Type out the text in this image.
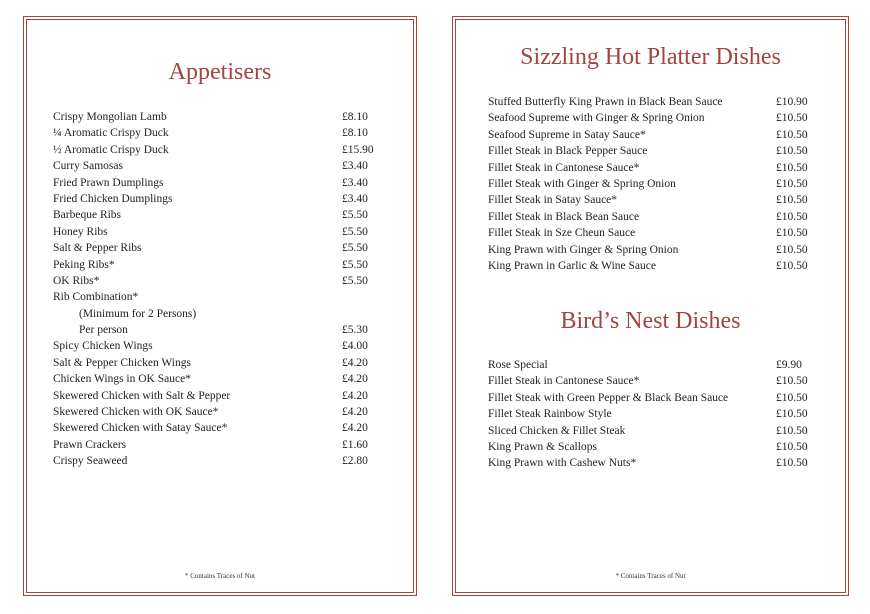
Appetisers
Crispy Mongolian Lamb	£8.10
¼ Aromatic Crispy Duck	£8.10
½ Aromatic Crispy Duck	£15.90
Curry Samosas	£3.40
Fried Prawn Dumplings	£3.40
Fried Chicken Dumplings	£3.40
Barbeque Ribs	£5.50
Honey Ribs	£5.50
Salt & Pepper Ribs	£5.50
Peking Ribs*	£5.50
OK Ribs*	£5.50
Rib Combination*
(Minimum for 2 Persons)
Per person	£5.30
Spicy Chicken Wings	£4.00
Salt & Pepper Chicken Wings	£4.20
Chicken Wings in OK Sauce*	£4.20
Skewered Chicken with Salt & Pepper	£4.20
Skewered Chicken with OK Sauce*	£4.20
Skewered Chicken with Satay Sauce*	£4.20
Prawn Crackers	£1.60
Crispy Seaweed	£2.80
* Contains Traces of Nut
Sizzling Hot Platter Dishes
Stuffed Butterfly King Prawn in Black Bean Sauce	£10.90
Seafood Supreme with Ginger & Spring Onion	£10.50
Seafood Supreme in Satay Sauce*	£10.50
Fillet Steak in Black Pepper Sauce	£10.50
Fillet Steak in Cantonese Sauce*	£10.50
Fillet Steak with Ginger & Spring Onion	£10.50
Fillet Steak in Satay Sauce*	£10.50
Fillet Steak in Black Bean Sauce	£10.50
Fillet Steak in Sze Cheun Sauce	£10.50
King Prawn with Ginger & Spring Onion	£10.50
King Prawn in Garlic & Wine Sauce	£10.50
Bird’s Nest Dishes
Rose Special	£9.90
Fillet Steak in Cantonese Sauce*	£10.50
Fillet Steak with Green Pepper & Black Bean Sauce	£10.50
Fillet Steak Rainbow Style	£10.50
Sliced Chicken & Fillet Steak	£10.50
King Prawn & Scallops	£10.50
King Prawn with Cashew Nuts*	£10.50
* Contains Traces of Nut
